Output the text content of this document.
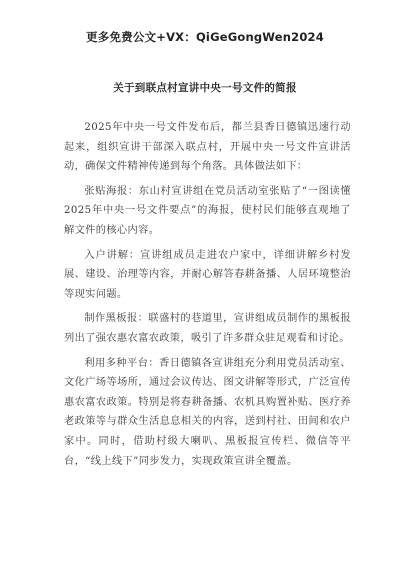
更多免费公文+VX：QiGeGongWen2024
关于到联点村宣讲中央一号文件的简报

2025年中央一号文件发布后，都兰县香日德镇迅速行动起来，组织宣讲干部深入联点村，开展中央一号文件宣讲活动，确保文件精神传递到每个角落。具体做法如下：

张贴海报：东山村宣讲组在党员活动室张贴了“一图读懂2025年中央一号文件要点”的海报，使村民们能够直观地了解文件的核心内容。

入户讲解：宣讲组成员走进农户家中，详细讲解乡村发展、建设、治理等内容，并耐心解答春耕备播、人居环境整治等现实问题。

制作黑板报：联盛村的巷道里，宣讲组成员制作的黑板报列出了强农惠农富农政策，吸引了许多群众驻足观看和讨论。

利用多种平台：香日德镇各宣讲组充分利用党员活动室、文化广场等场所，通过会议传达、图文讲解等形式，广泛宣传惠农富农政策。特别是将春耕备播、农机具购置补贴、医疗养老政策等与群众生活息息相关的内容，送到村社、田间和农户家中。同时，借助村级大喇叭、黑板报宣传栏、微信等平台，“线上线下”同步发力，实现政策宣讲全覆盖。
